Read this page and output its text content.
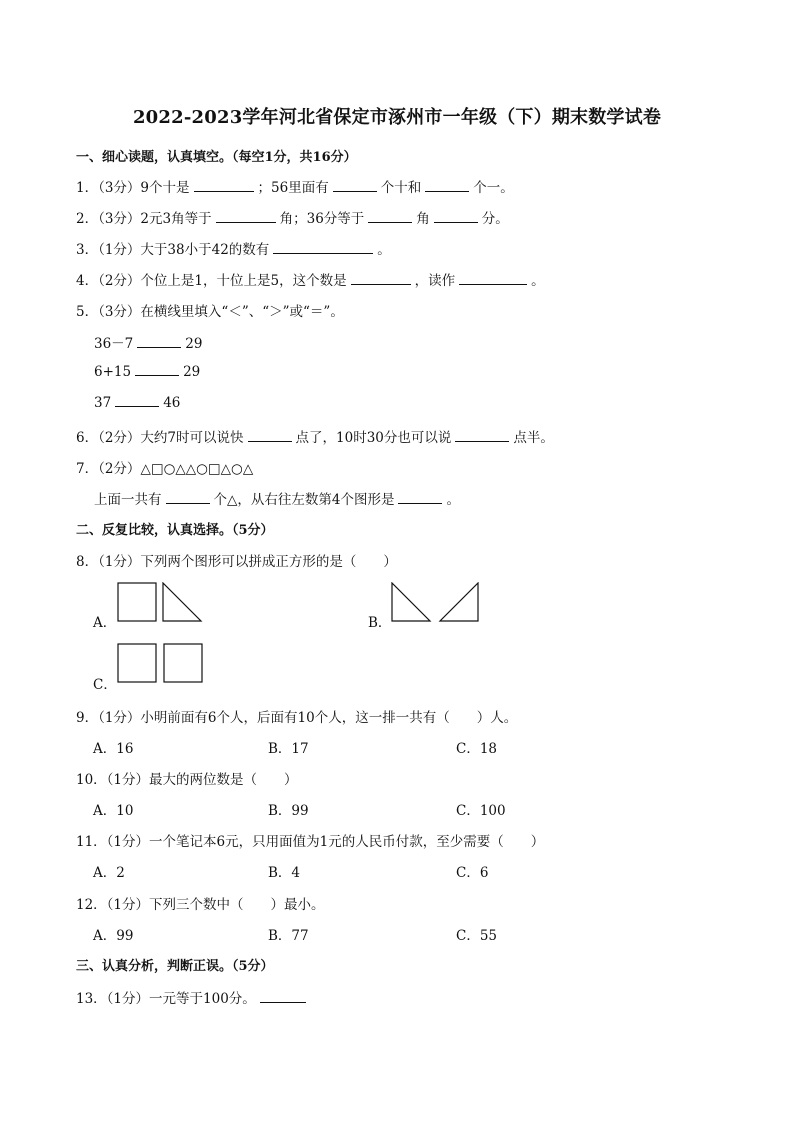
2022-2023学年河北省保定市涿州市一年级（下）期末数学试卷
一、细心读题，认真填空。（每空1分，共16分）
1．（3分）9个十是	；56里面有	个十和	个一。
2．（3分）2元3角等于	角；36分等于	角	分。
3．（1分）大于38小于42的数有	。
4．（2分）个位上是1，十位上是5，这个数是	，读作	。
5．（3分）在横线里填入“＜”、“＞”或“＝”。
36－7	29
6+15	29
37	46
6．（2分）大约7时可以说快	点了，10时30分也可以说	点半。
7．（2分）△□○△△○□△○△
上面一共有	个△，从右往左数第4个图形是	。
二、反复比较，认真选择。（5分）
8．（1分）下列两个图形可以拼成正方形的是（　　）
A．	B．
C．
9．（1分）小明前面有6个人，后面有10个人，这一排一共有（　　）人。
A．16	B．17	C．18
10．（1分）最大的两位数是（　　）
A．10	B．99	C．100
11．（1分）一个笔记本6元，只用面值为1元的人民币付款，至少需要（　　）
A．2	B．4	C．6
12．（1分）下列三个数中（　　）最小。
A．99	B．77	C．55
三、认真分析，判断正误。（5分）
13．（1分）一元等于100分。
